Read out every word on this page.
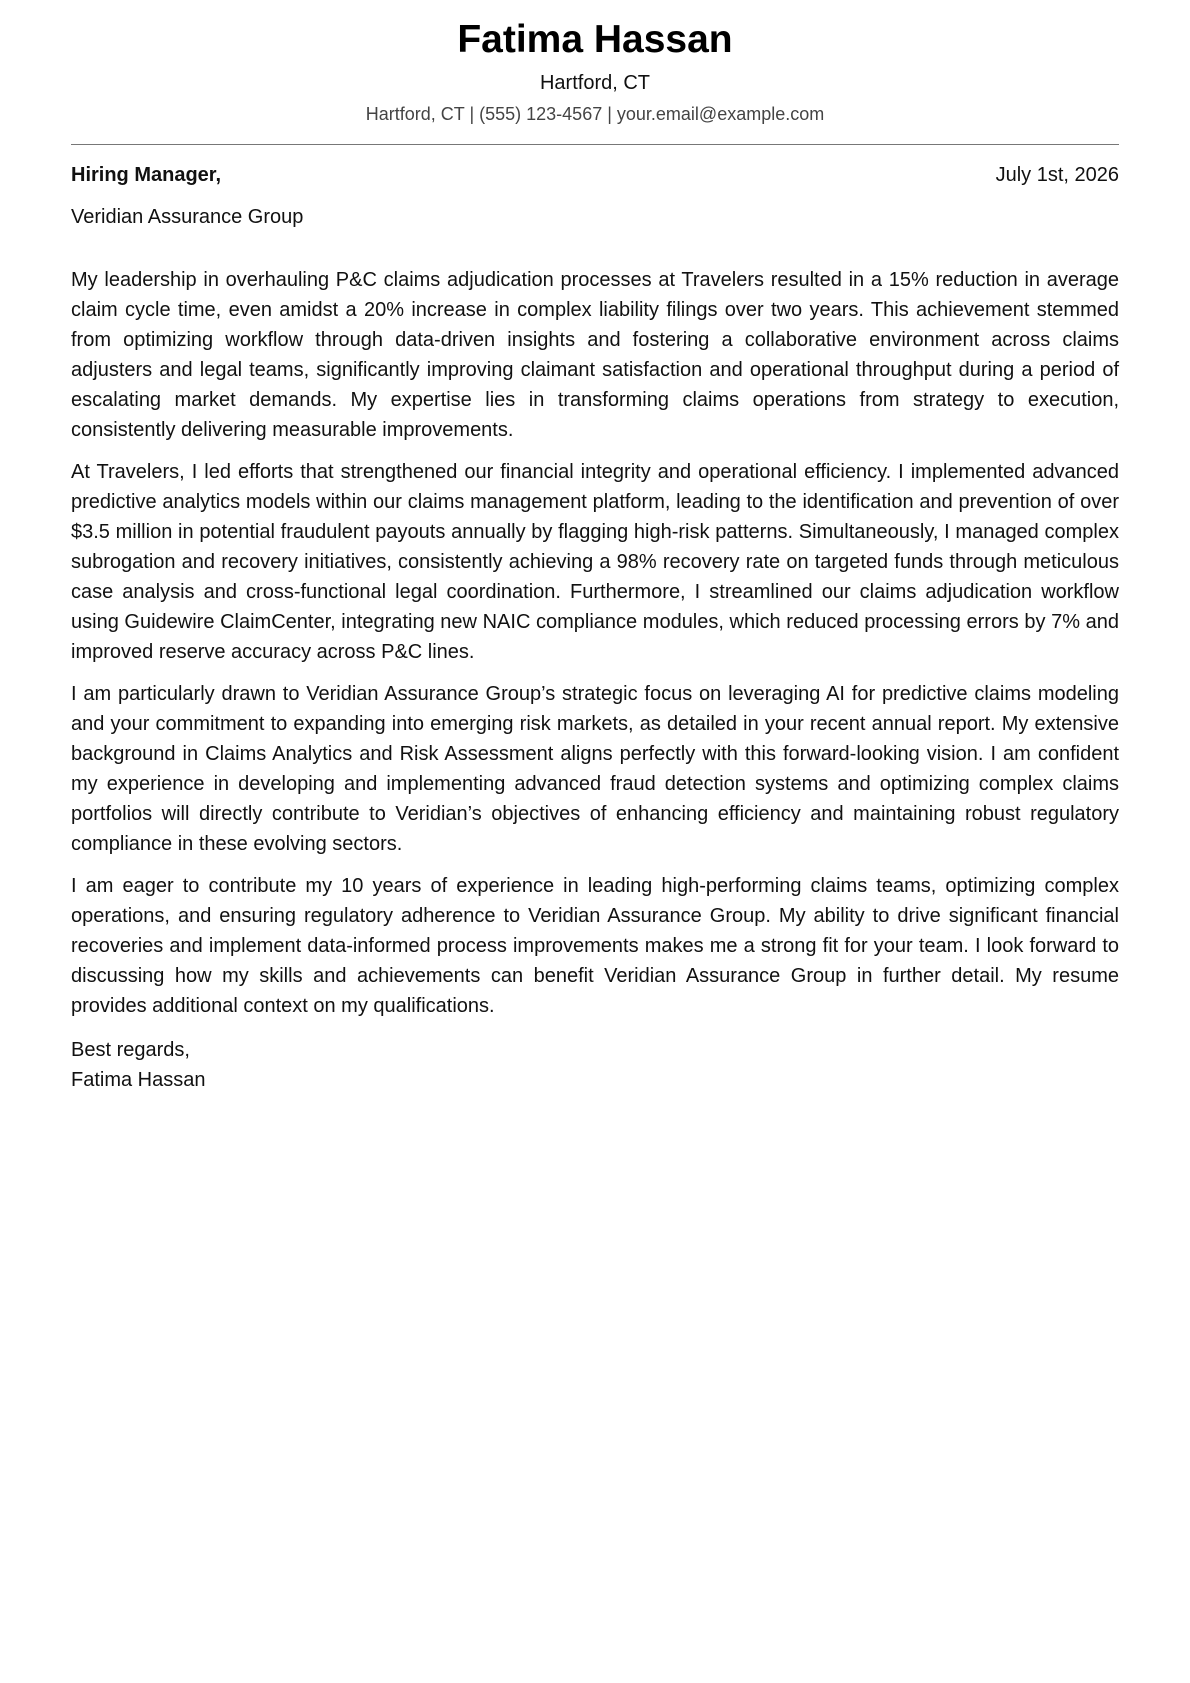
Fatima Hassan
Hartford, CT
Hartford, CT | (555) 123-4567 | your.email@example.com
Hiring Manager,	July 1st, 2026
Veridian Assurance Group

My leadership in overhauling P&C claims adjudication processes at Travelers resulted in a 15% reduction in average claim cycle time, even amidst a 20% increase in complex liability filings over two years. This achievement stemmed from optimizing workflow through data-driven insights and fostering a collaborative environment across claims adjusters and legal teams, significantly improving claimant satisfaction and operational throughput during a period of escalating market demands. My expertise lies in transforming claims operations from strategy to execution, consistently delivering measurable improvements.

At Travelers, I led efforts that strengthened our financial integrity and operational efficiency. I implemented advanced predictive analytics models within our claims management platform, leading to the identification and prevention of over $3.5 million in potential fraudulent payouts annually by flagging high-risk patterns. Simultaneously, I managed complex subrogation and recovery initiatives, consistently achieving a 98% recovery rate on targeted funds through meticulous case analysis and cross-functional legal coordination. Furthermore, I streamlined our claims adjudication workflow using Guidewire ClaimCenter, integrating new NAIC compliance modules, which reduced processing errors by 7% and improved reserve accuracy across P&C lines.

I am particularly drawn to Veridian Assurance Group’s strategic focus on leveraging AI for predictive claims modeling and your commitment to expanding into emerging risk markets, as detailed in your recent annual report. My extensive background in Claims Analytics and Risk Assessment aligns perfectly with this forward-looking vision. I am confident my experience in developing and implementing advanced fraud detection systems and optimizing complex claims portfolios will directly contribute to Veridian’s objectives of enhancing efficiency and maintaining robust regulatory compliance in these evolving sectors.

I am eager to contribute my 10 years of experience in leading high-performing claims teams, optimizing complex operations, and ensuring regulatory adherence to Veridian Assurance Group. My ability to drive significant financial recoveries and implement data-informed process improvements makes me a strong fit for your team. I look forward to discussing how my skills and achievements can benefit Veridian Assurance Group in further detail. My resume provides additional context on my qualifications.

Best regards,
Fatima Hassan
